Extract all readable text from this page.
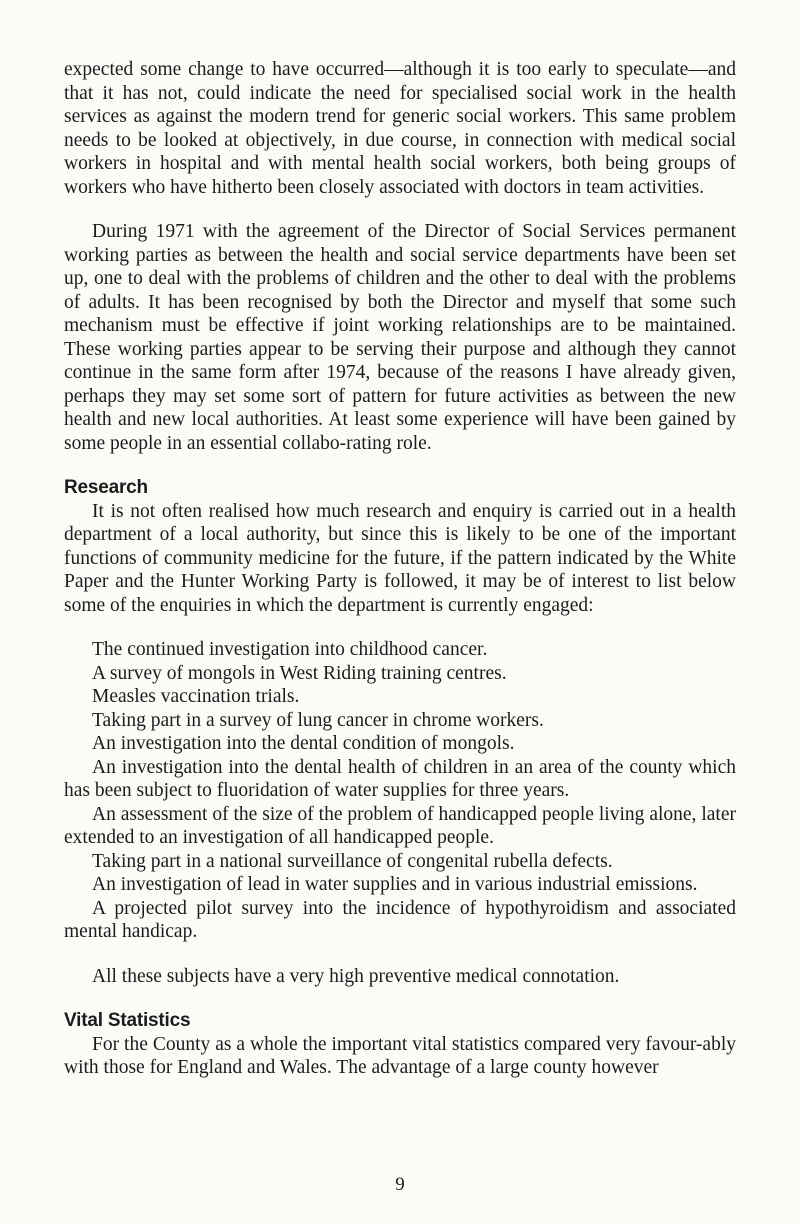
expected some change to have occurred—although it is too early to speculate—and that it has not, could indicate the need for specialised social work in the health services as against the modern trend for generic social workers. This same problem needs to be looked at objectively, in due course, in connection with medical social workers in hospital and with mental health social workers, both being groups of workers who have hitherto been closely associated with doctors in team activities.

During 1971 with the agreement of the Director of Social Services permanent working parties as between the health and social service departments have been set up, one to deal with the problems of children and the other to deal with the problems of adults. It has been recognised by both the Director and myself that some such mechanism must be effective if joint working relationships are to be maintained. These working parties appear to be serving their purpose and although they cannot continue in the same form after 1974, because of the reasons I have already given, perhaps they may set some sort of pattern for future activities as between the new health and new local authorities. At least some experience will have been gained by some people in an essential collabo-rating role.

Research

It is not often realised how much research and enquiry is carried out in a health department of a local authority, but since this is likely to be one of the important functions of community medicine for the future, if the pattern indicated by the White Paper and the Hunter Working Party is followed, it may be of interest to list below some of the enquiries in which the department is currently engaged:

The continued investigation into childhood cancer.
A survey of mongols in West Riding training centres.
Measles vaccination trials.
Taking part in a survey of lung cancer in chrome workers.
An investigation into the dental condition of mongols.
An investigation into the dental health of children in an area of the county which has been subject to fluoridation of water supplies for three years.
An assessment of the size of the problem of handicapped people living alone, later extended to an investigation of all handicapped people.
Taking part in a national surveillance of congenital rubella defects.
An investigation of lead in water supplies and in various industrial emissions.
A projected pilot survey into the incidence of hypothyroidism and associated mental handicap.

All these subjects have a very high preventive medical connotation.

Vital Statistics

For the County as a whole the important vital statistics compared very favour-ably with those for England and Wales. The advantage of a large county however

9
